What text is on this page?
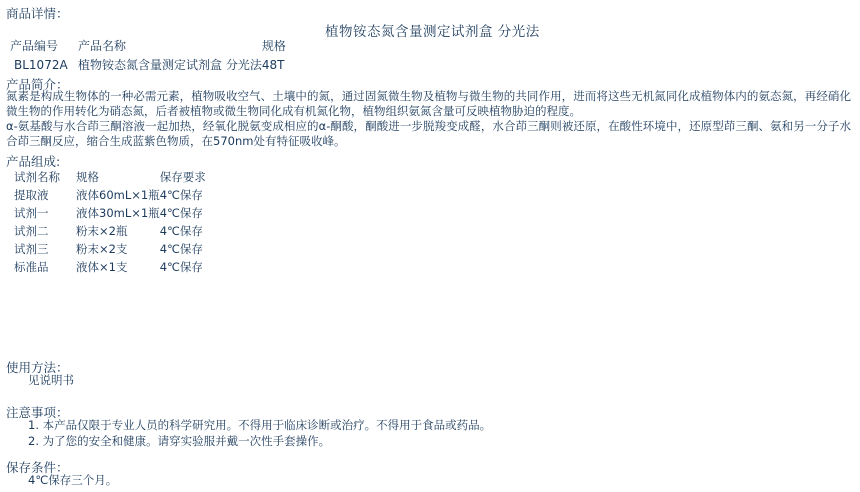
商品详情：
植物铵态氮含量测定试剂盒 分光法
产品编号	产品名称	规格
BL1072A	植物铵态氮含量测定试剂盒 分光法	48T
产品简介：

氮素是构成生物体的一种必需元素，植物吸收空气、土壤中的氮，通过固氮微生物及植物与微生物的共同作用，进而将这些无机氮同化成植物体内的氨态氮，再经硝化微生物的作用转化为硝态氮，后者被植物或微生物同化成有机氮化物，植物组织氨氮含量可反映植物胁迫的程度。

α-氨基酸与水合茚三酮溶液一起加热，经氧化脱氨变成相应的α-酮酸，酮酸进一步脱羧变成醛，水合茚三酮则被还原，在酸性环境中，还原型茚三酮、氨和另一分子水合茚三酮反应，缩合生成蓝紫色物质，在570nm处有特征吸收峰。

产品组成:
试剂名称	规格	保存要求
提取液	液体60mL×1瓶	4℃保存
试剂一	液体30mL×1瓶	4℃保存
试剂二	粉末×2瓶	4℃保存
试剂三	粉末×2支	4℃保存
标准品	液体×1支	4℃保存
使用方法：
见说明书
注意事项：
1. 本产品仅限于专业人员的科学研究用。不得用于临床诊断或治疗。不得用于食品或药品。
2. 为了您的安全和健康。请穿实验服并戴一次性手套操作。
保存条件：
4℃保存三个月。
